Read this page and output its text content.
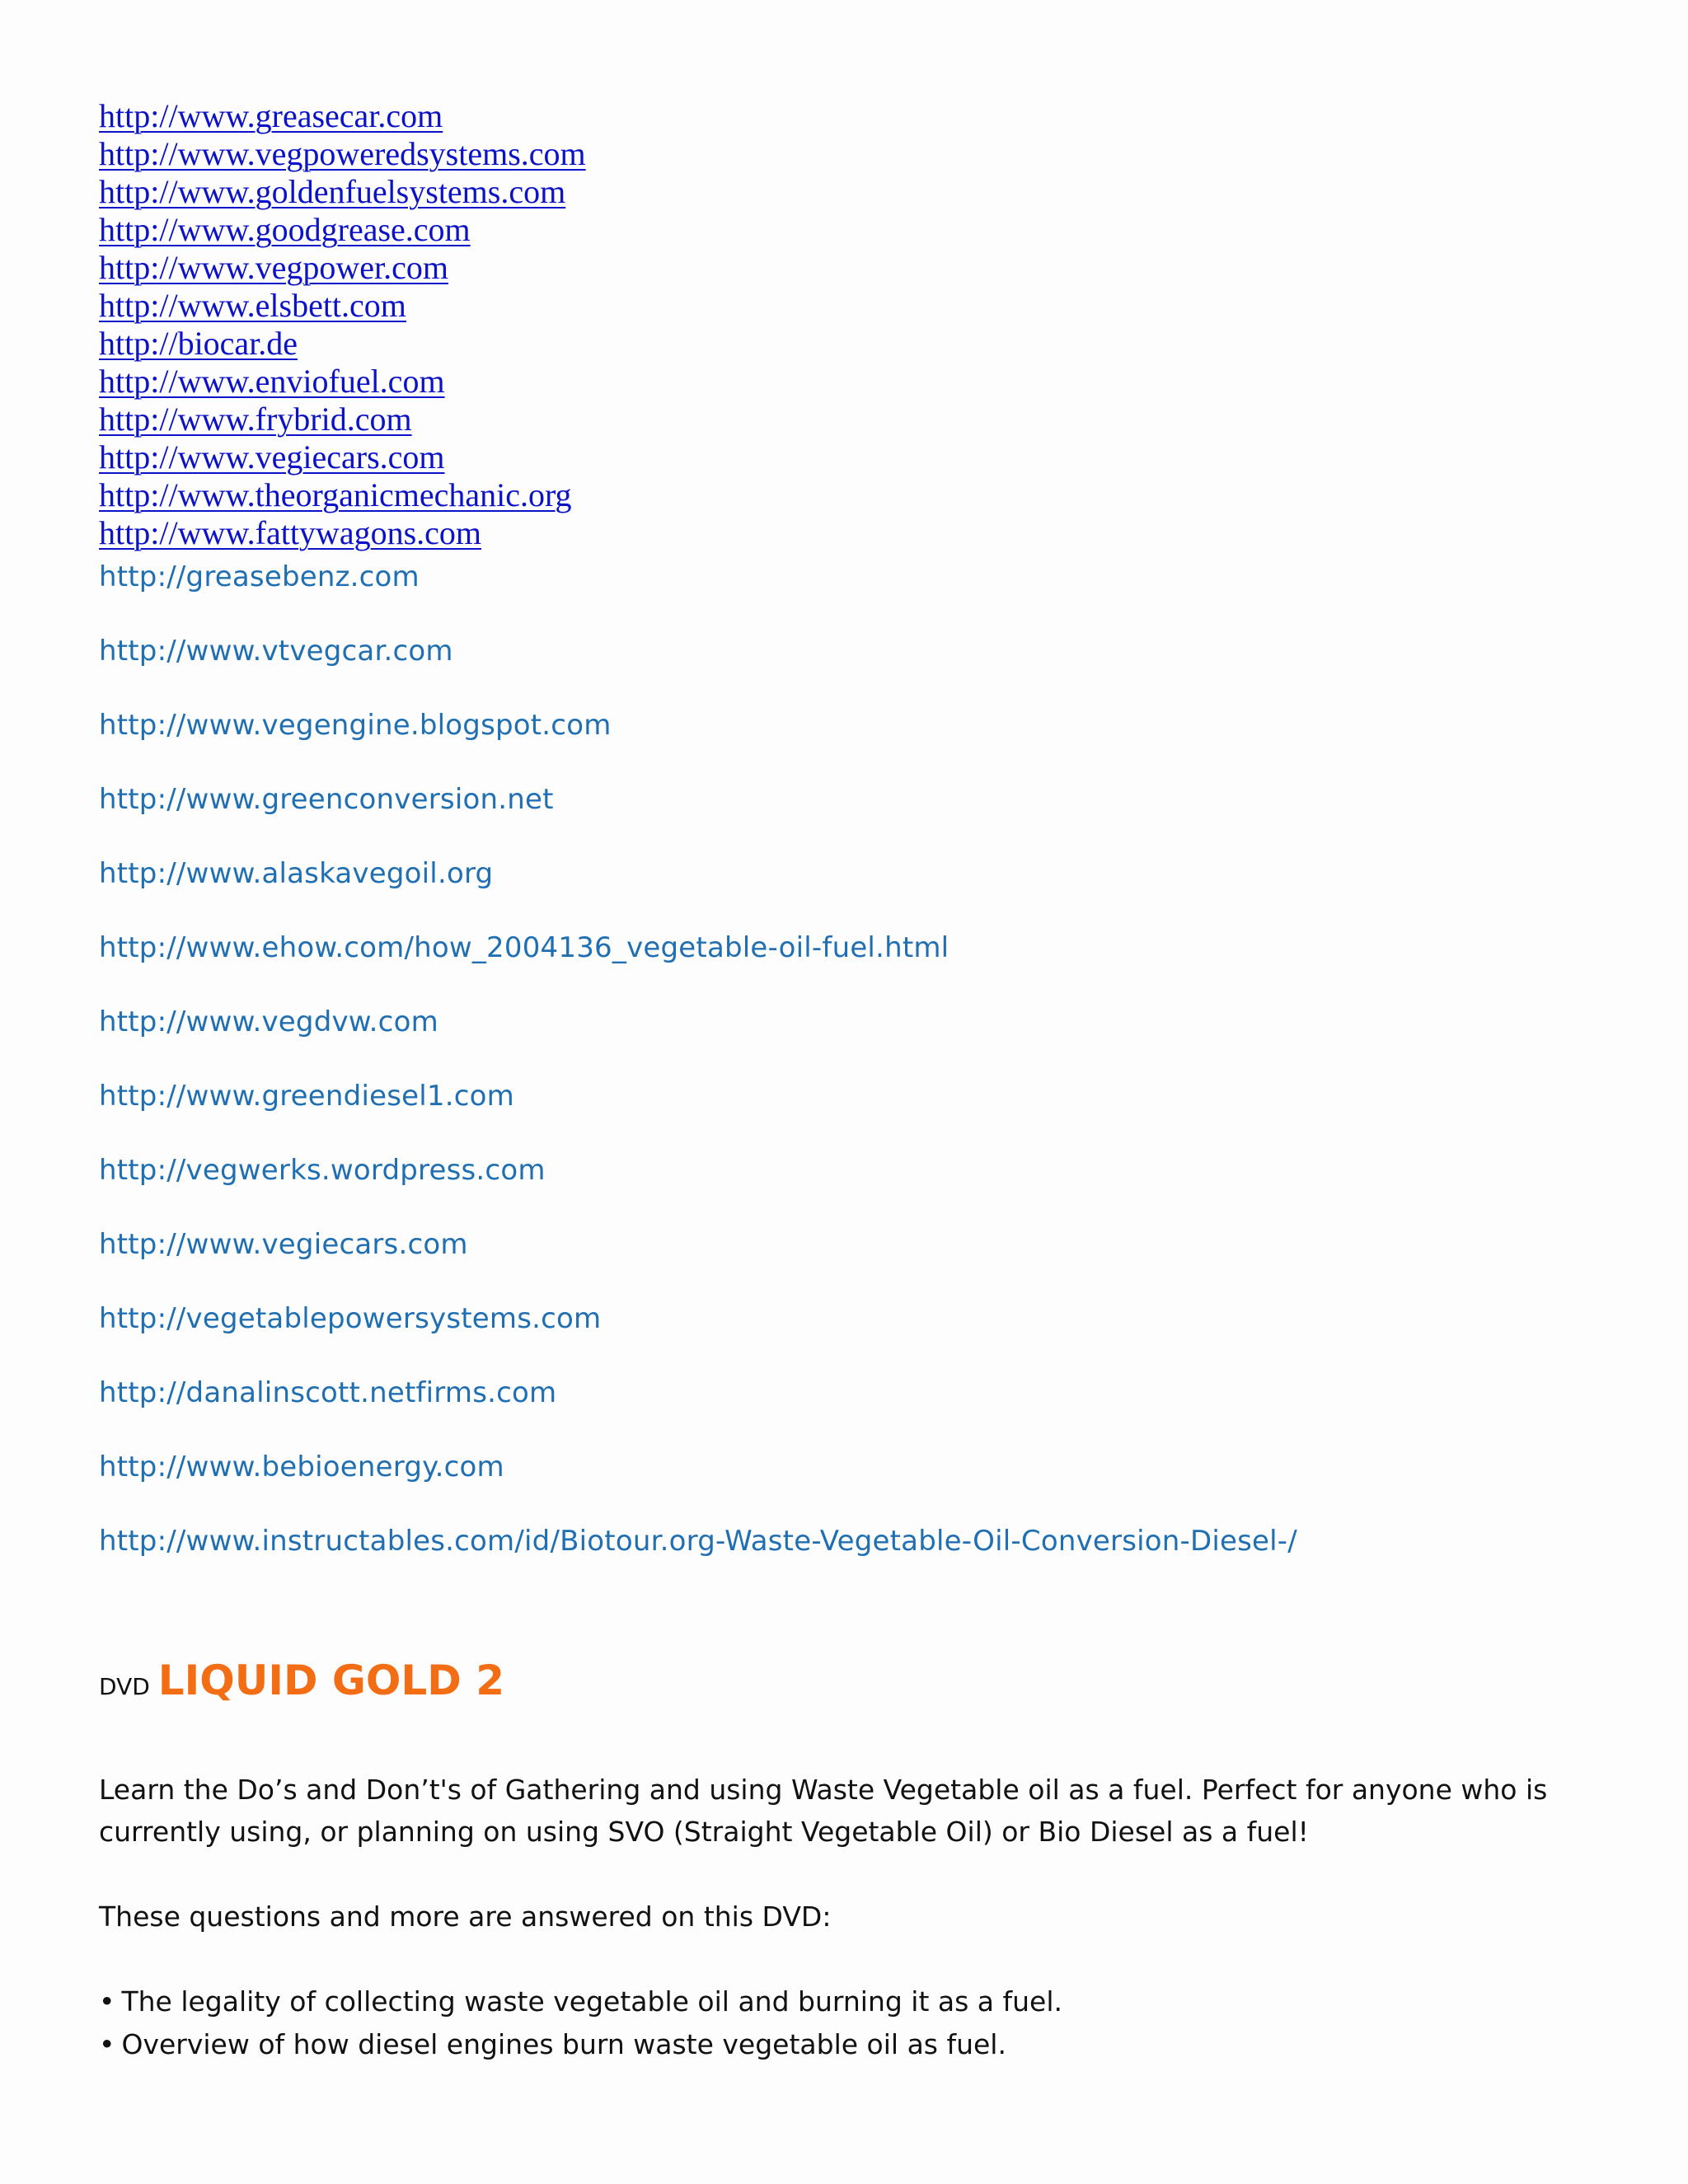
http://www.greasecar.com
http://www.vegpoweredsystems.com
http://www.goldenfuelsystems.com
http://www.goodgrease.com
http://www.vegpower.com
http://www.elsbett.com
http://biocar.de
http://www.enviofuel.com
http://www.frybrid.com
http://www.vegiecars.com
http://www.theorganicmechanic.org
http://www.fattywagons.com
http://greasebenz.com
http://www.vtvegcar.com
http://www.vegengine.blogspot.com
http://www.greenconversion.net
http://www.alaskavegoil.org
http://www.ehow.com/how_2004136_vegetable-oil-fuel.html
http://www.vegdvw.com
http://www.greendiesel1.com
http://vegwerks.wordpress.com
http://www.vegiecars.com
http://vegetablepowersystems.com
http://danalinscott.netfirms.com
http://www.bebioenergy.com
http://www.instructables.com/id/Biotour.org-Waste-Vegetable-Oil-Conversion-Diesel-/
DVD LIQUID GOLD 2

Learn the Do’s and Don’t's of Gathering and using Waste Vegetable oil as a fuel. Perfect for anyone who is currently using, or planning on using SVO (Straight Vegetable Oil) or Bio Diesel as a fuel!

These questions and more are answered on this DVD:

• The legality of collecting waste vegetable oil and burning it as a fuel.
• Overview of how diesel engines burn waste vegetable oil as fuel.
